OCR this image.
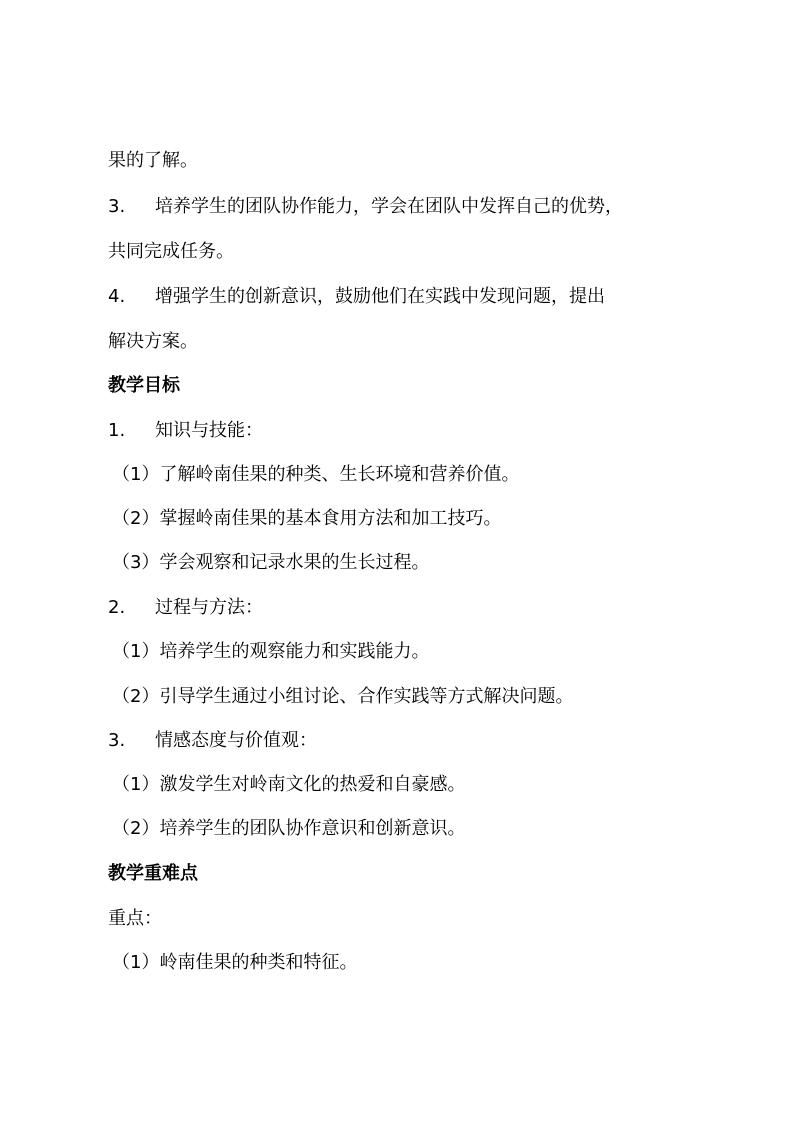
果的了解。
3. 培养学生的团队协作能力，学会在团队中发挥自己的优势，
共同完成任务。
4. 增强学生的创新意识，鼓励他们在实践中发现问题，提出
解决方案。
教学目标
1. 知识与技能：
（1）了解岭南佳果的种类、生长环境和营养价值。
（2）掌握岭南佳果的基本食用方法和加工技巧。
（3）学会观察和记录水果的生长过程。
2. 过程与方法：
（1）培养学生的观察能力和实践能力。
（2）引导学生通过小组讨论、合作实践等方式解决问题。
3. 情感态度与价值观：
（1）激发学生对岭南文化的热爱和自豪感。
（2）培养学生的团队协作意识和创新意识。
教学重难点
重点：
（1）岭南佳果的种类和特征。
